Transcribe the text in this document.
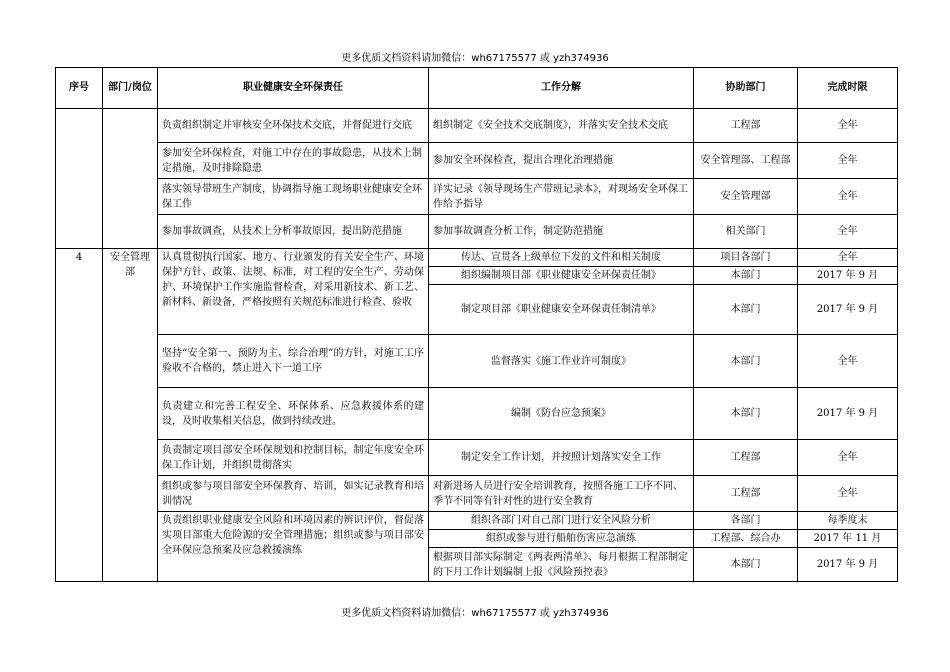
更多优质文档资料请加微信：wh67175577 或 yzh374936
序号	部门/岗位	职业健康安全环保责任	工作分解	协助部门	完成时限
		负责组织制定并审核安全环保技术交底，并督促进行交底	组织制定《安全技术交底制度》，并落实安全技术交底	工程部	全年
		参加安全环保检查，对施工中存在的事故隐患，从技术上制定措施，及时排除隐患	参加安全环保检查，提出合理化治理措施	安全管理部、工程部	全年
		落实领导带班生产制度，协调指导施工现场职业健康安全环保工作	详实记录《领导现场生产带班记录本》，对现场安全环保工作给予指导	安全管理部	全年
		参加事故调查，从技术上分析事故原因，提出防范措施	参加事故调查分析工作，制定防范措施	相关部门	全年
4	安全管理部	认真贯彻执行国家、地方、行业颁发的有关安全生产、环境保护方针、政策、法规、标准，对工程的安全生产、劳动保护、环境保护工作实施监督检查，对采用新技术、新工艺、新材料、新设备，严格按照有关规范标准进行检查、验收	传达、宣贯各上级单位下发的文件和相关制度	项目各部门	全年
			组织编制项目部《职业健康安全环保责任制》	本部门	2017 年 9 月
			制定项目部《职业健康安全环保责任制清单》	本部门	2017 年 9 月
		坚持“安全第一、预防为主、综合治理”的方针，对施工工序验收不合格的，禁止进入下一道工序	监督落实《施工作业许可制度》	本部门	全年
		负责建立和完善工程安全、环保体系、应急救援体系的建设，及时收集相关信息，做到持续改进。	编制《防台应急预案》	本部门	2017 年 9 月
		负责制定项目部安全环保规划和控制目标，制定年度安全环保工作计划，并组织贯彻落实	制定安全工作计划，并按照计划落实安全工作	工程部	全年
		组织或参与项目部安全环保教育、培训，如实记录教育和培训情况	对新进场人员进行安全培训教育，按照各施工工序不同、季节不同等有针对性的进行安全教育	工程部	全年
		负责组织职业健康安全风险和环境因素的辨识评价，督促落实项目部重大危险源的安全管理措施；组织或参与项目部安全环保应急预案及应急救援演练	组织各部门对自己部门进行安全风险分析	各部门	每季度末
			组织或参与进行船舶伤害应急演练	工程部、综合办	2017 年 11 月
			根据项目部实际制定《两表两清单》、每月根据工程部制定的下月工作计划编制上报《风险预控表》	本部门	2017 年 9 月
更多优质文档资料请加微信：wh67175577 或 yzh374936
